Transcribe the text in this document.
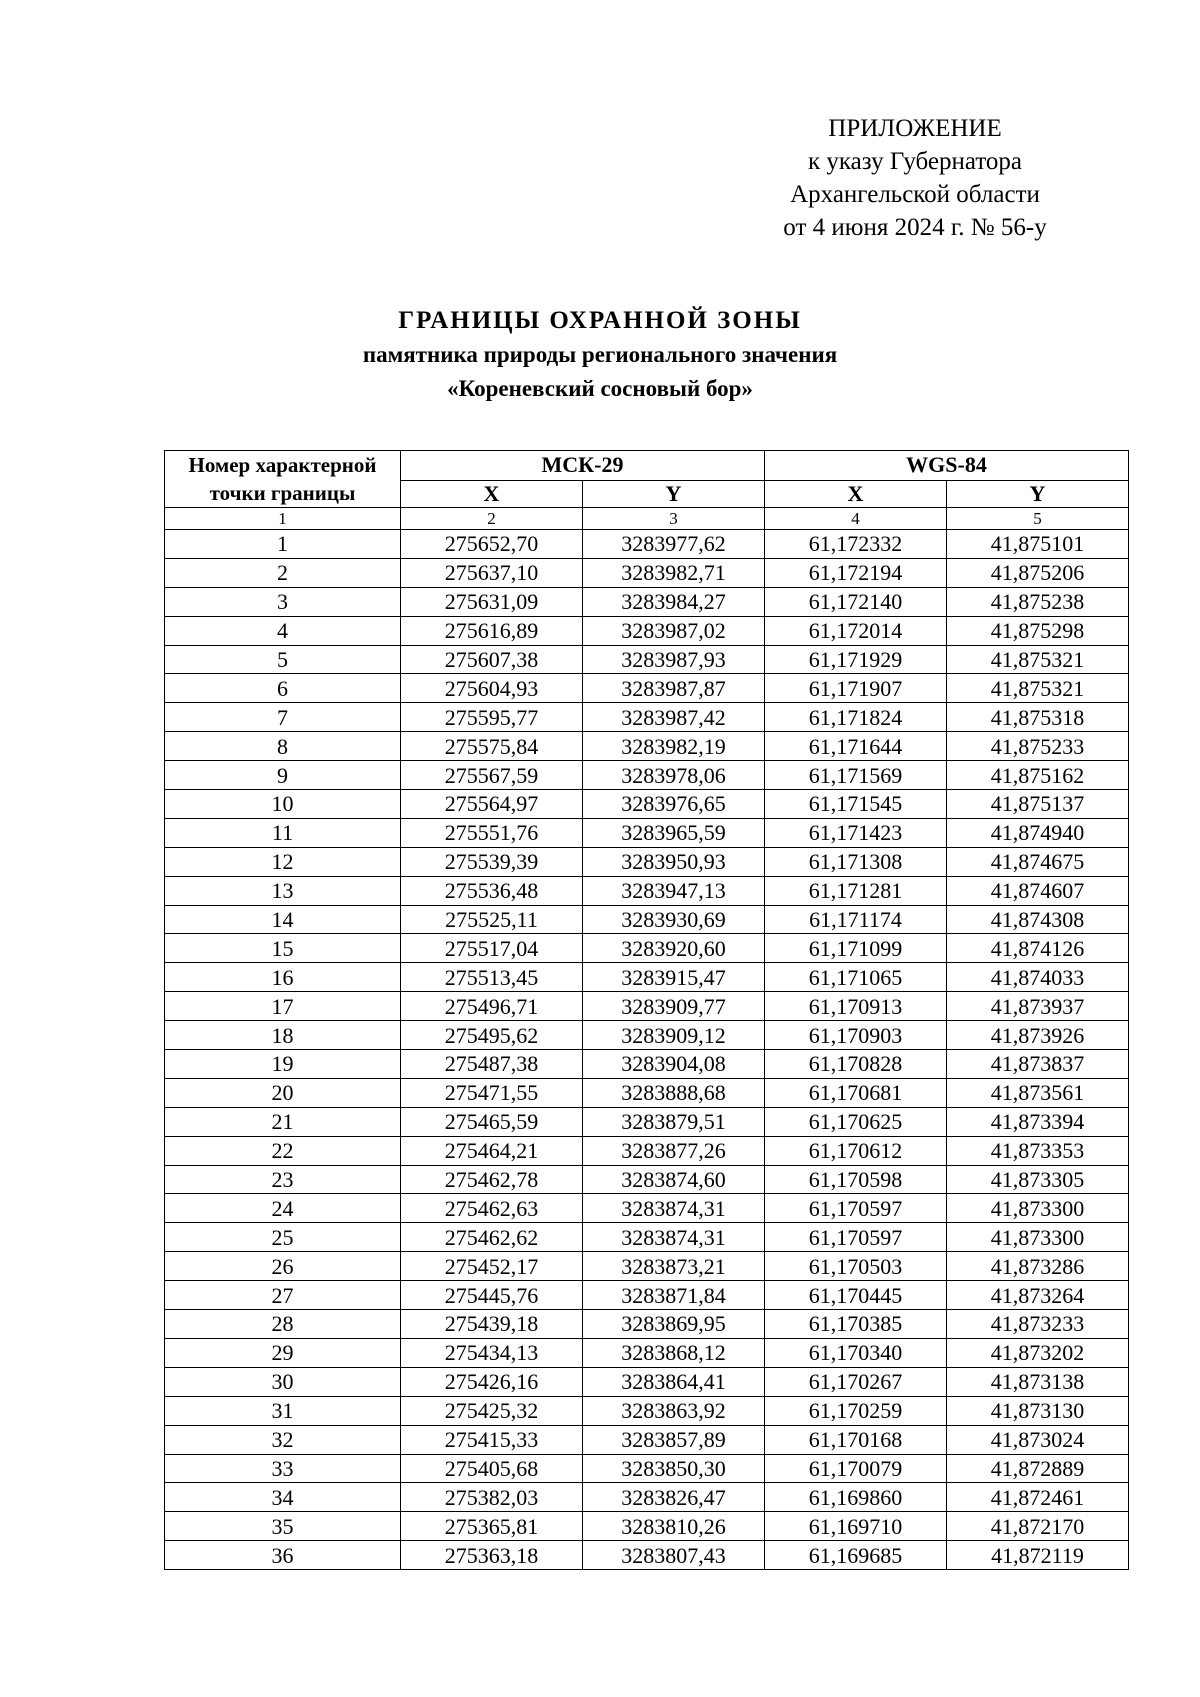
ПРИЛОЖЕНИЕ
к указу Губернатора
Архангельской области
от 4 июня 2024 г. № 56-у
ГРАНИЦЫ ОХРАННОЙ ЗОНЫ
памятника природы регионального значения
«Кореневский сосновый бор»
Номер характерной
точки границы	МСК-29		WGS-84	
	X	Y	X	Y
1	2	3	4	5
1	275652,70	3283977,62	61,172332	41,875101
2	275637,10	3283982,71	61,172194	41,875206
3	275631,09	3283984,27	61,172140	41,875238
4	275616,89	3283987,02	61,172014	41,875298
5	275607,38	3283987,93	61,171929	41,875321
6	275604,93	3283987,87	61,171907	41,875321
7	275595,77	3283987,42	61,171824	41,875318
8	275575,84	3283982,19	61,171644	41,875233
9	275567,59	3283978,06	61,171569	41,875162
10	275564,97	3283976,65	61,171545	41,875137
11	275551,76	3283965,59	61,171423	41,874940
12	275539,39	3283950,93	61,171308	41,874675
13	275536,48	3283947,13	61,171281	41,874607
14	275525,11	3283930,69	61,171174	41,874308
15	275517,04	3283920,60	61,171099	41,874126
16	275513,45	3283915,47	61,171065	41,874033
17	275496,71	3283909,77	61,170913	41,873937
18	275495,62	3283909,12	61,170903	41,873926
19	275487,38	3283904,08	61,170828	41,873837
20	275471,55	3283888,68	61,170681	41,873561
21	275465,59	3283879,51	61,170625	41,873394
22	275464,21	3283877,26	61,170612	41,873353
23	275462,78	3283874,60	61,170598	41,873305
24	275462,63	3283874,31	61,170597	41,873300
25	275462,62	3283874,31	61,170597	41,873300
26	275452,17	3283873,21	61,170503	41,873286
27	275445,76	3283871,84	61,170445	41,873264
28	275439,18	3283869,95	61,170385	41,873233
29	275434,13	3283868,12	61,170340	41,873202
30	275426,16	3283864,41	61,170267	41,873138
31	275425,32	3283863,92	61,170259	41,873130
32	275415,33	3283857,89	61,170168	41,873024
33	275405,68	3283850,30	61,170079	41,872889
34	275382,03	3283826,47	61,169860	41,872461
35	275365,81	3283810,26	61,169710	41,872170
36	275363,18	3283807,43	61,169685	41,872119
